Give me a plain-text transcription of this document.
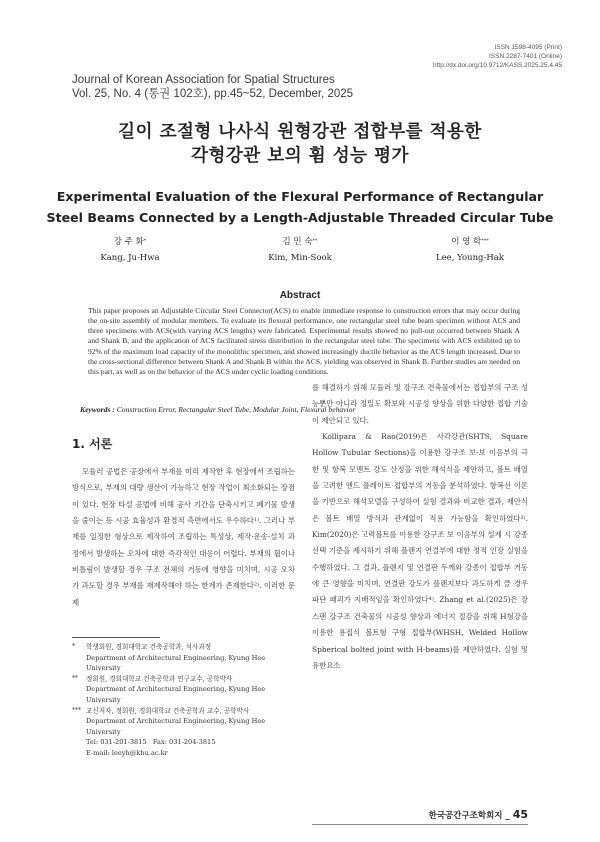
ISSN 1598-4095 (Print)
ISSN 2287-7401 (Online)
http://dx.doi.org/10.9712/KASS.2025.25.4.45
Journal of Korean Association for Spatial Structures
Vol. 25, No. 4 (통권 102호), pp.45~52, December, 2025
길이 조절형 나사식 원형강관 접합부를 적용한
각형강관 보의 휨 성능 평가
Experimental Evaluation of the Flexural Performance of Rectangular
Steel Beams Connected by a Length-Adjustable Threaded Circular Tube
강 주 화*
Kang, Ju-Hwa
김 민 숙**
Kim, Min-Sook
이 영 학***
Lee, Young-Hak
Abstract
This paper proposes an Adjustable Circular Steel Connector(ACS) to enable immediate response to construction errors that may occur during the on-site assembly of modular members. To evaluate its flexural performance, one rectangular steel tube beam specimen without ACS and three specimens with ACS(with varying ACS lengths) were fabricated. Experimental results showed no pull-out occurred between Shank A and Shank B, and the application of ACS facilitated stress distribution in the rectangular steel tube. The specimens with ACS exhibited up to 92% of the maximum load capacity of the monolithic specimen, and showed increasingly ductile behavior as the ACS length increased. Due to the cross-sectional difference between Shank A and Shank B within the ACS, yielding was observed in Shank B. Further studies are needed on this part, as well as on the behavior of the ACS under cyclic loading conditions.
Keywords : Construction Error, Rectangular Steel Tube, Modular Joint, Flexural behavior
1. 서론

모듈러 공법은 공장에서 부재를 미리 제작한 후 현장에서 조립하는 방식으로, 부재의 대량 생산이 가능하고 현장 작업이 최소화되는 장점이 있다. 현장 타설 공법에 비해 공사 기간을 단축시키고 폐기물 발생을 줄이는 등 시공 효율성과 환경적 측면에서도 우수하다$^{1)}$. 그러나 부재를 일정한 형상으로 제작하여 조립하는 특성상, 제작·운송·설치 과정에서 발생하는 오차에 대한 즉각적인 대응이 어렵다. 부재의 휨이나 비틀림이 발생할 경우 구조 전체의 거동에 영향을 미치며, 시공 오차가 과도할 경우 부재를 재제작해야 하는 한계가 존재한다$^{2)}$. 이러한 문제

*	학생회원, 경희대학교 건축공학과, 석사과정
Department of Architectural Engineering, Kyung Hee University
**	정회원, 경희대학교 건축공학과 연구교수, 공학박사
Department of Architectural Engineering, Kyung Hee University
*** 교신저자, 정회원, 경희대학교 건축공학과 교수, 공학박사
Department of Architectural Engineering, Kyung Hee University
Tel: 031-201-3815 Fax: 031-204-3815
E-mail: leeyh@khu.ac.kr

를 해결하기 위해 모듈러 및 강구조 건축물에서는 접합부의 구조 성능뿐만 아니라 정밀도 확보와 시공성 향상을 위한 다양한 접합 기술이 제안되고 있다.

Kollipara & Rao(2019)은 사각강관(SHTS, Square Hollow Tubular Sections)을 이용한 강구조 보-보 이음부의 극한 및 항복 모멘트 강도 산정을 위한 해석식을 제안하고, 볼트 배열을 고려한 엔드 플레이트 접합부의 거동을 분석하였다. 항복선 이론을 기반으로 해석모델을 구성하여 실험 결과와 비교한 결과, 제안식은 볼트 배열 방식과 관계없이 적용 가능함을 확인하였다$^{3)}$. Kim(2020)은 고력볼트를 이용한 강구조 보 이음부의 설계 시 강종 선택 기준을 제시하기 위해 플랜지 연결부에 대한 정적 인장 실험을 수행하였다. 그 결과, 플랜지 및 연결판 두께와 강종이 접합부 거동에 큰 영향을 미치며, 연결판 강도가 플랜지보다 과도하게 클 경우 파단 패괴가 지배적임을 확인하였다$^{4)}$. Zhang et al.(2025)은 장스팬 강구조 건축물의 시공성 향상과 에너지 절감을 위해 H형강을 이용한 용접식 볼트형 구형 접합부(WHSH, Welded Hollow Spherical bolted joint with H-beams)를 제안하였다. 실험 및 유한요소

한국공간구조학회지 _ 45
